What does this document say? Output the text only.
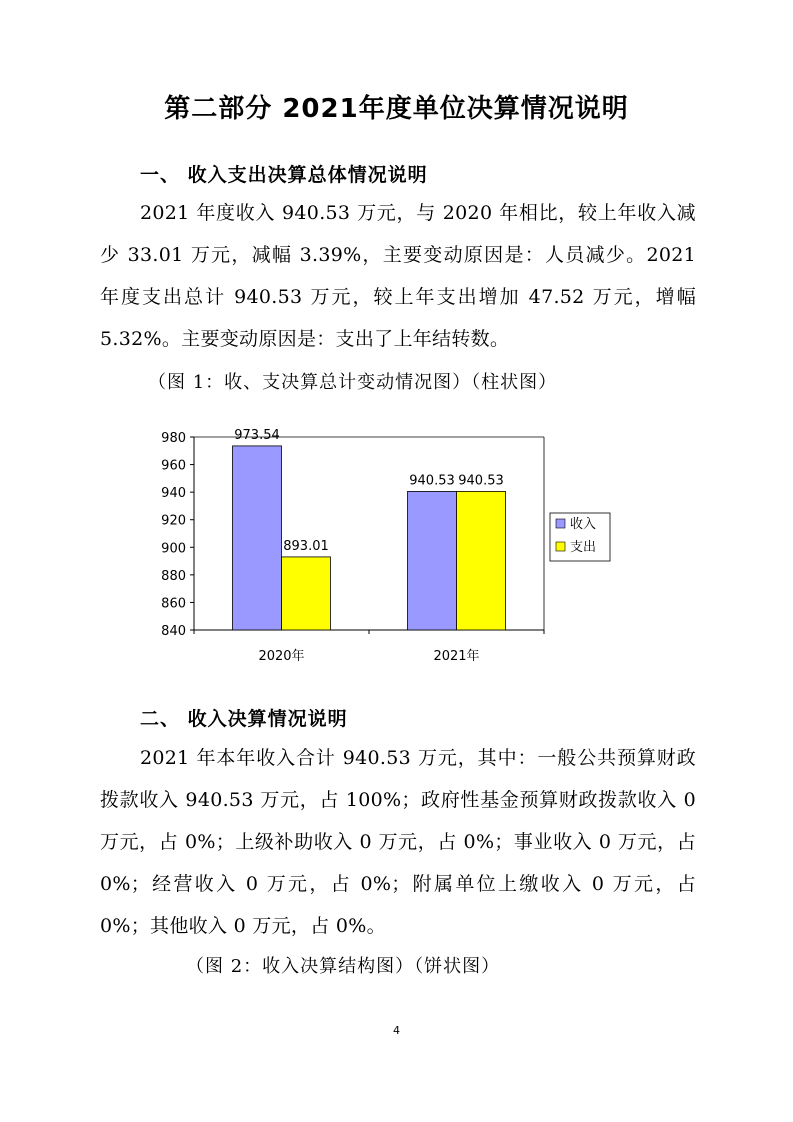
第二部分 2021年度单位决算情况说明
一、 收入支出决算总体情况说明
2021 年度收入 940.53 万元，与 2020 年相比，较上年收入减少 33.01 万元，减幅 3.39%，主要变动原因是：人员减少。2021 年度支出总计 940.53 万元，较上年支出增加 47.52 万元，增幅 5.32%。主要变动原因是：支出了上年结转数。
（图 1：收、支决算总计变动情况图）（柱状图）
840
860
880
900
920
940
960
980	973.54
893.01
940.53 940.53
2020年	2021年
收入
支出
二、 收入决算情况说明
2021 年本年收入合计 940.53 万元，其中：一般公共预算财政拨款收入 940.53 万元，占 100%；政府性基金预算财政拨款收入 0 万元，占 0%；上级补助收入 0 万元，占 0%；事业收入 0 万元，占 0%；经营收入 0 万元，占 0%；附属单位上缴收入 0 万元，占 0%；其他收入 0 万元，占 0%。
（图 2：收入决算结构图）（饼状图）
4
